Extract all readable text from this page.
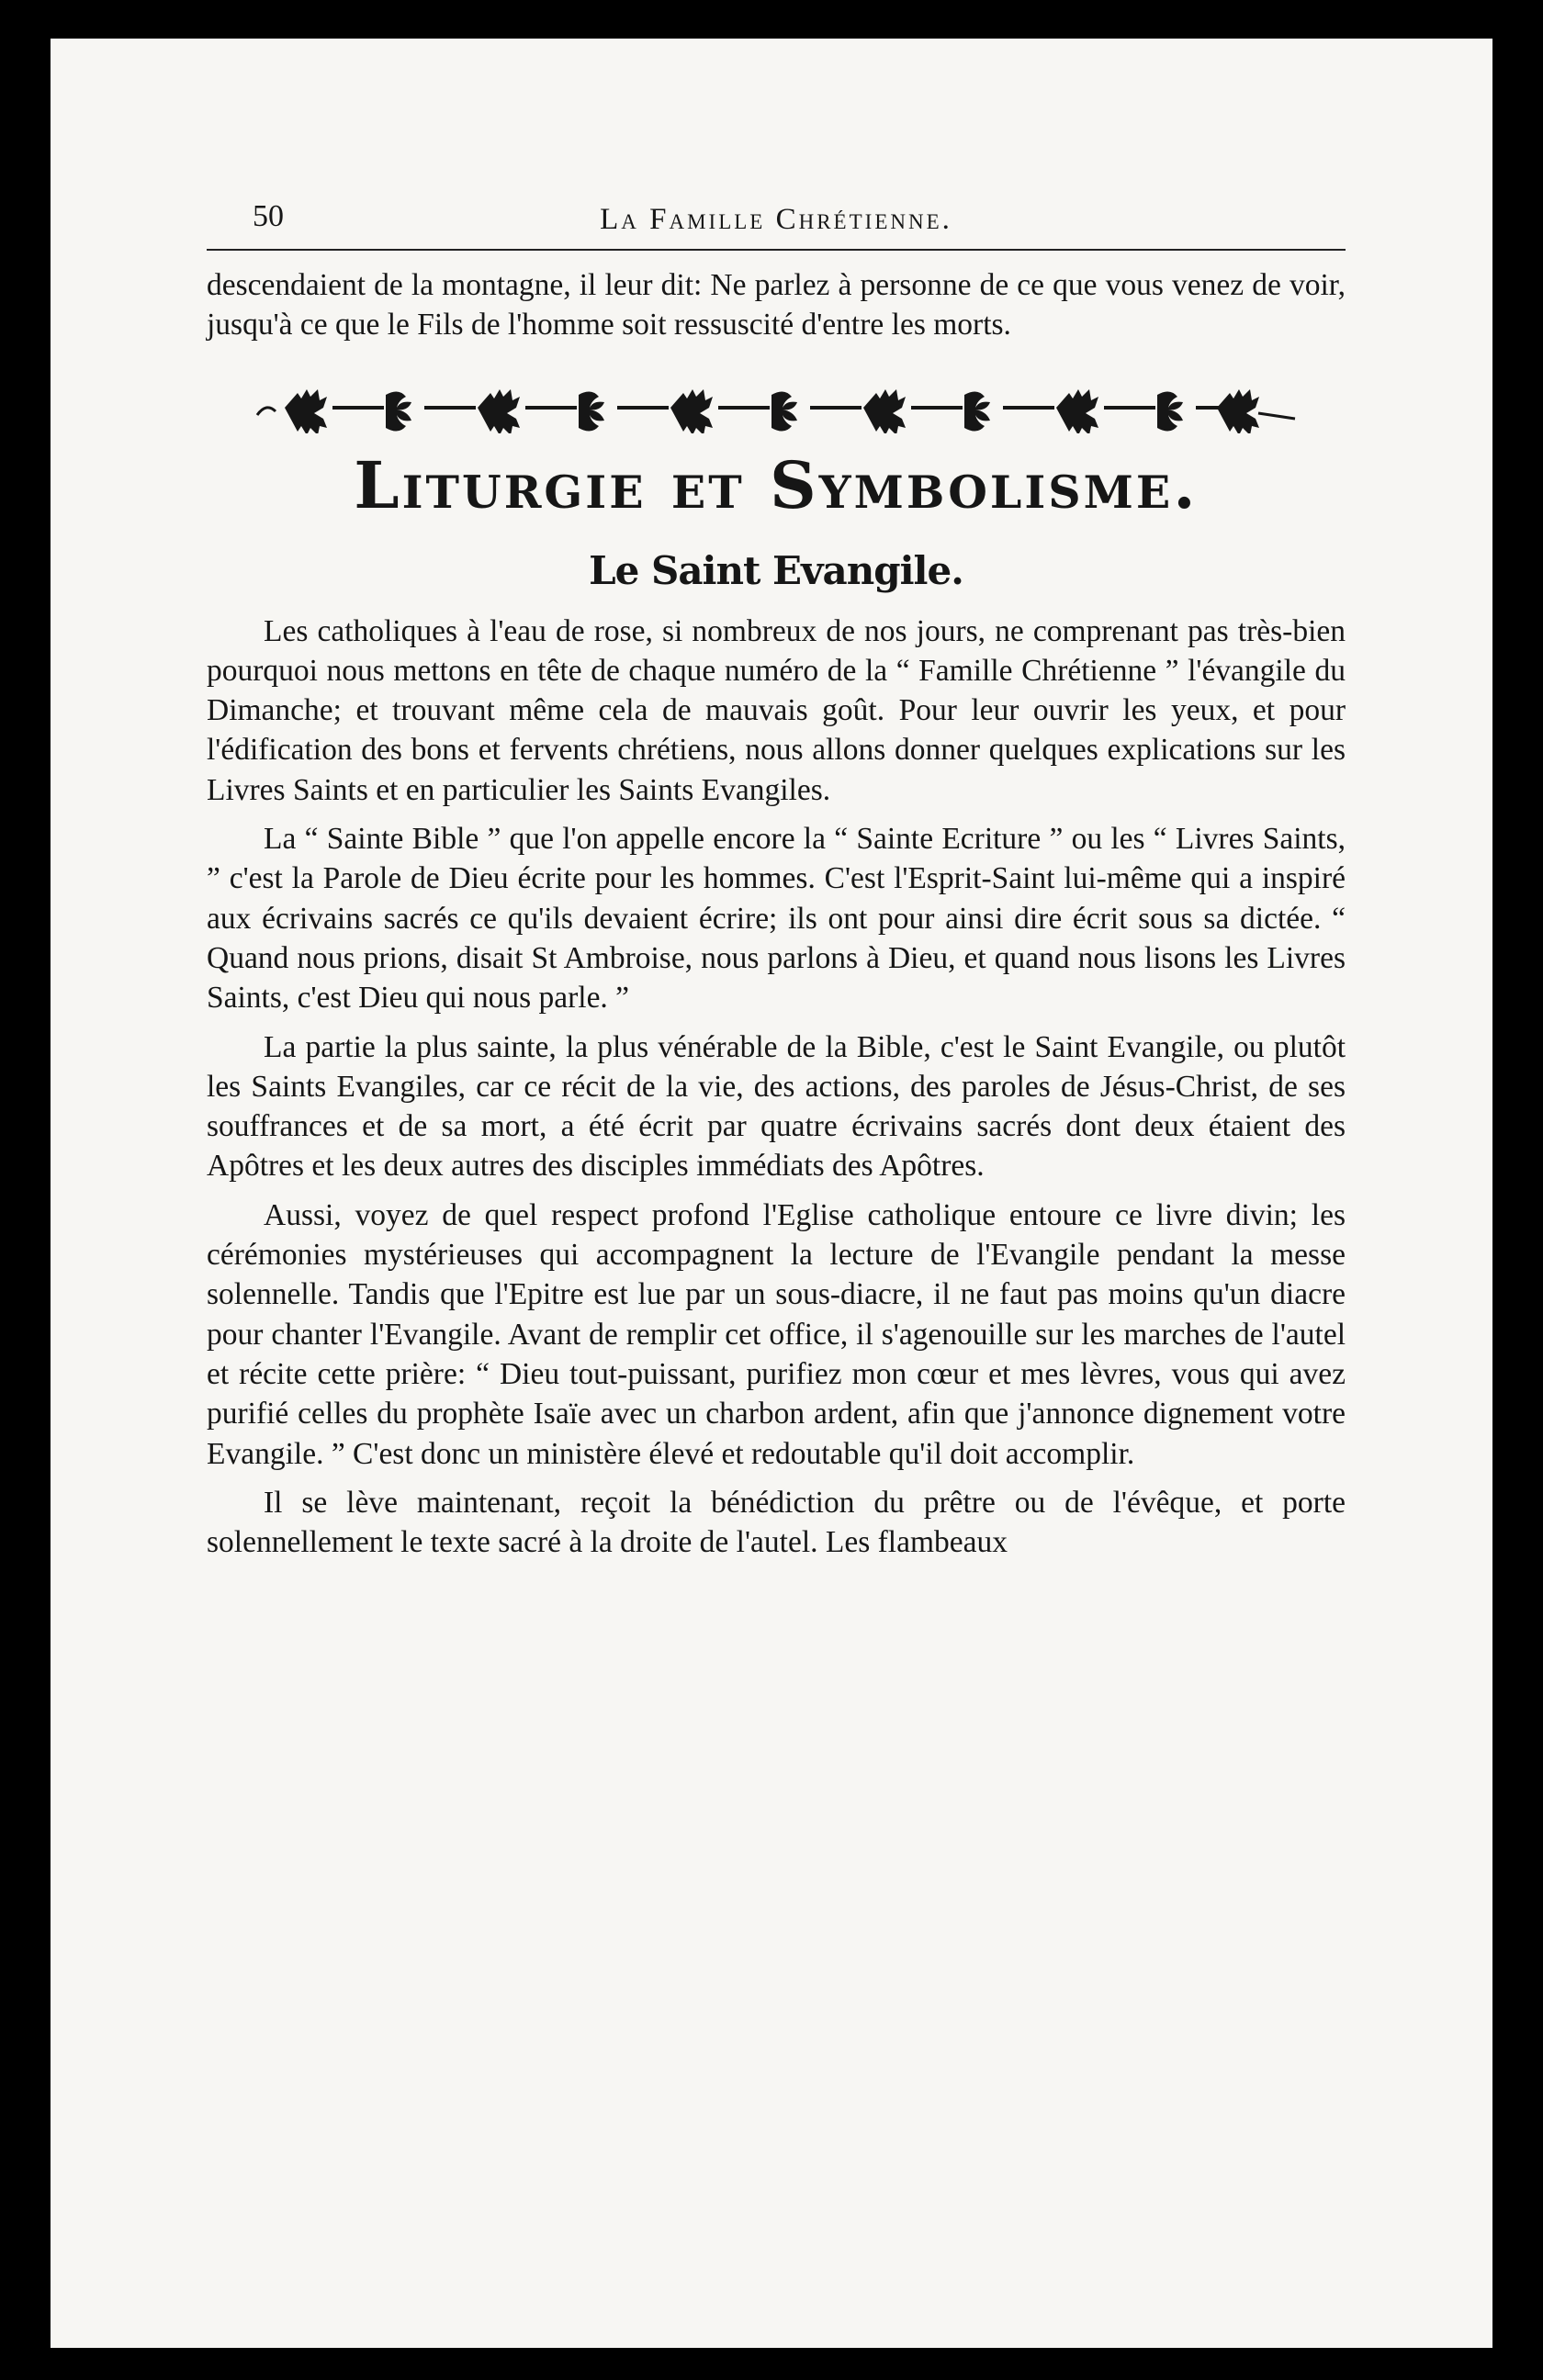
50	La Famille Chrétienne.

descendaient de la montagne, il leur dit: Ne parlez à personne de ce que vous venez de voir, jusqu'à ce que le Fils de l'homme soit ressuscité d'entre les morts.

Liturgie et Symbolisme.
Le Saint Evangile.

Les catholiques à l'eau de rose, si nombreux de nos jours, ne comprenant pas très-bien pourquoi nous mettons en tête de chaque numéro de la “ Famille Chrétienne ” l'évangile du Dimanche; et trouvant même cela de mauvais goût. Pour leur ouvrir les yeux, et pour l'édification des bons et fervents chrétiens, nous allons donner quelques explications sur les Livres Saints et en particulier les Saints Evangiles.

La “ Sainte Bible ” que l'on appelle encore la “ Sainte Ecriture ” ou les “ Livres Saints, ” c'est la Parole de Dieu écrite pour les hommes. C'est l'Esprit-Saint lui-même qui a inspiré aux écrivains sacrés ce qu'ils devaient écrire; ils ont pour ainsi dire écrit sous sa dictée. “ Quand nous prions, disait St Ambroise, nous parlons à Dieu, et quand nous lisons les Livres Saints, c'est Dieu qui nous parle. ”

La partie la plus sainte, la plus vénérable de la Bible, c'est le Saint Evangile, ou plutôt les Saints Evangiles, car ce récit de la vie, des actions, des paroles de Jésus-Christ, de ses souffrances et de sa mort, a été écrit par quatre écrivains sacrés dont deux étaient des Apôtres et les deux autres des disciples immédiats des Apôtres.

Aussi, voyez de quel respect profond l'Eglise catholique entoure ce livre divin; les cérémonies mystérieuses qui accompagnent la lecture de l'Evangile pendant la messe solennelle. Tandis que l'Epitre est lue par un sous-diacre, il ne faut pas moins qu'un diacre pour chanter l'Evangile. Avant de remplir cet office, il s'agenouille sur les marches de l'autel et récite cette prière: “ Dieu tout-puissant, purifiez mon cœur et mes lèvres, vous qui avez purifié celles du prophète Isaïe avec un charbon ardent, afin que j'annonce dignement votre Evangile. ” C'est donc un ministère élevé et redoutable qu'il doit accomplir.

Il se lève maintenant, reçoit la bénédiction du prêtre ou de l'évêque, et porte solennellement le texte sacré à la droite de l'autel. Les flambeaux
